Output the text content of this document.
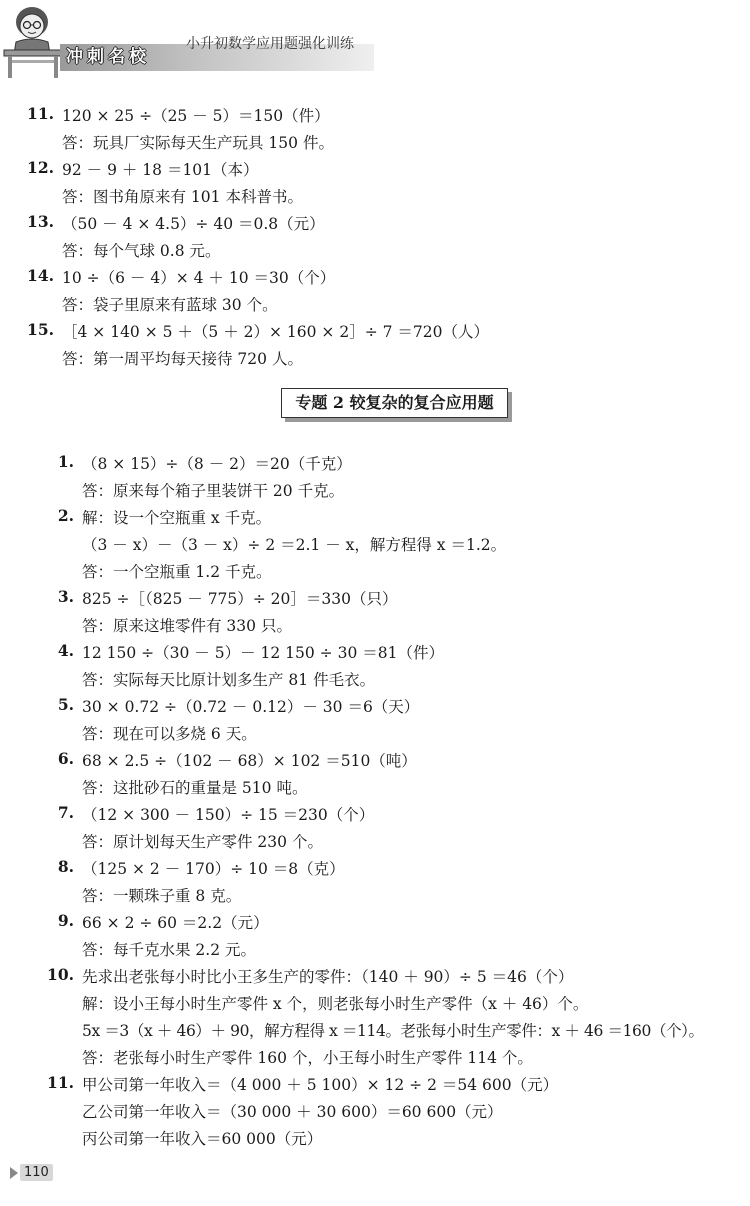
冲刺名校
小升初数学应用题强化训练
11. 120 × 25 ÷（25 － 5）＝150（件）
答：玩具厂实际每天生产玩具 150 件。
12. 92 － 9 ＋ 18 ＝101（本）
答：图书角原来有 101 本科普书。
13. （50 － 4 × 4.5）÷ 40 ＝0.8（元）
答：每个气球 0.8 元。
14. 10 ÷（6 － 4）× 4 ＋ 10 ＝30（个）
答：袋子里原来有蓝球 30 个。
15. ［4 × 140 × 5 ＋（5 ＋ 2）× 160 × 2］÷ 7 ＝720（人）
答：第一周平均每天接待 720 人。
专题 2 较复杂的复合应用题
1. （8 × 15）÷（8 － 2）＝20（千克）
答：原来每个箱子里装饼干 20 千克。
2. 解：设一个空瓶重 x 千克。
（3 － x）－（3 － x）÷ 2 ＝2.1 － x，解方程得 x ＝1.2。
答：一个空瓶重 1.2 千克。
3. 825 ÷［（825 － 775）÷ 20］＝330（只）
答：原来这堆零件有 330 只。
4. 12 150 ÷（30 － 5）－ 12 150 ÷ 30 ＝81（件）
答：实际每天比原计划多生产 81 件毛衣。
5. 30 × 0.72 ÷（0.72 － 0.12）－ 30 ＝6（天）
答：现在可以多烧 6 天。
6. 68 × 2.5 ÷（102 － 68）× 102 ＝510（吨）
答：这批砂石的重量是 510 吨。
7. （12 × 300 － 150）÷ 15 ＝230（个）
答：原计划每天生产零件 230 个。
8. （125 × 2 － 170）÷ 10 ＝8（克）
答：一颗珠子重 8 克。
9. 66 × 2 ÷ 60 ＝2.2（元）
答：每千克水果 2.2 元。
10. 先求出老张每小时比小王多生产的零件：（140 ＋ 90）÷ 5 ＝46（个）
解：设小王每小时生产零件 x 个，则老张每小时生产零件（x ＋ 46）个。
5x ＝3（x ＋ 46）＋ 90，解方程得 x ＝114。老张每小时生产零件：x ＋ 46 ＝160（个）。
答：老张每小时生产零件 160 个，小王每小时生产零件 114 个。
11. 甲公司第一年收入＝（4 000 ＋ 5 100）× 12 ÷ 2 ＝54 600（元）
乙公司第一年收入＝（30 000 ＋ 30 600）＝60 600（元）
丙公司第一年收入＝60 000（元）
110
